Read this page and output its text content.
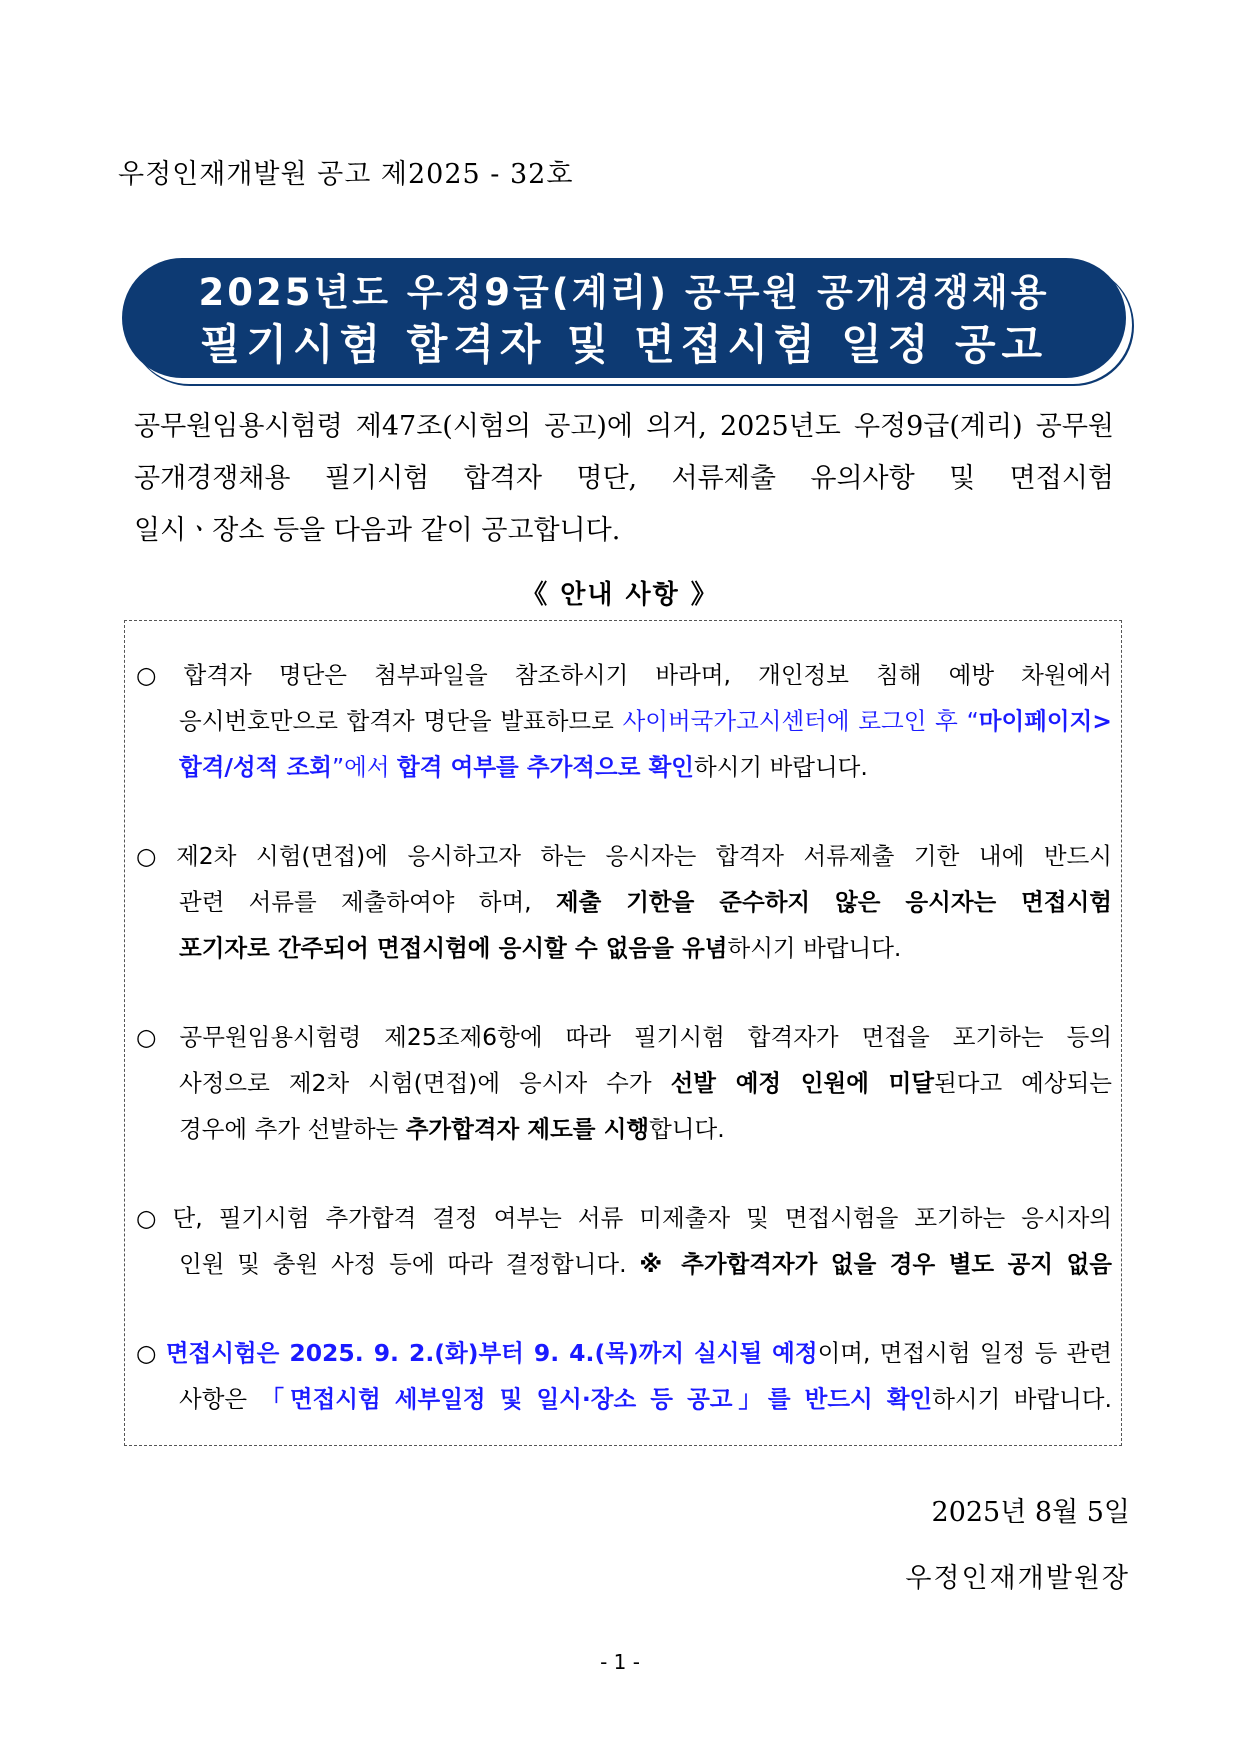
우정인재개발원 공고 제2025 - 32호
2025년도 우정9급(계리) 공무원 공개경쟁채용
필기시험 합격자 및 면접시험 일정 공고
공무원임용시험령 제47조(시험의 공고)에 의거, 2025년도 우정9급(계리) 공무원
공개경쟁채용 필기시험 합격자 명단, 서류제출 유의사항 및 면접시험
일시ㆍ장소 등을 다음과 같이 공고합니다.
《 안내 사항 》
○ 합격자 명단은 첨부파일을 참조하시기 바라며, 개인정보 침해 예방 차원에서
응시번호만으로 합격자 명단을 발표하므로 사이버국가고시센터에 로그인 후 “마이페이지>
합격/성적 조회”에서 합격 여부를 추가적으로 확인하시기 바랍니다.
○ 제2차 시험(면접)에 응시하고자 하는 응시자는 합격자 서류제출 기한 내에 반드시
관련 서류를 제출하여야 하며, 제출 기한을 준수하지 않은 응시자는 면접시험
포기자로 간주되어 면접시험에 응시할 수 없음을 유념하시기 바랍니다.
○ 공무원임용시험령 제25조제6항에 따라 필기시험 합격자가 면접을 포기하는 등의
사정으로 제2차 시험(면접)에 응시자 수가 선발 예정 인원에 미달된다고 예상되는
경우에 추가 선발하는 추가합격자 제도를 시행합니다.
○ 단, 필기시험 추가합격 결정 여부는 서류 미제출자 및 면접시험을 포기하는 응시자의
인원 및 충원 사정 등에 따라 결정합니다. ※ 추가합격자가 없을 경우 별도 공지 없음
○ 면접시험은 2025. 9. 2.(화)부터 9. 4.(목)까지 실시될 예정이며, 면접시험 일정 등 관련
사항은 「면접시험 세부일정 및 일시·장소 등 공고」를 반드시 확인하시기 바랍니다.
2025년 8월 5일
우정인재개발원장
- 1 -
